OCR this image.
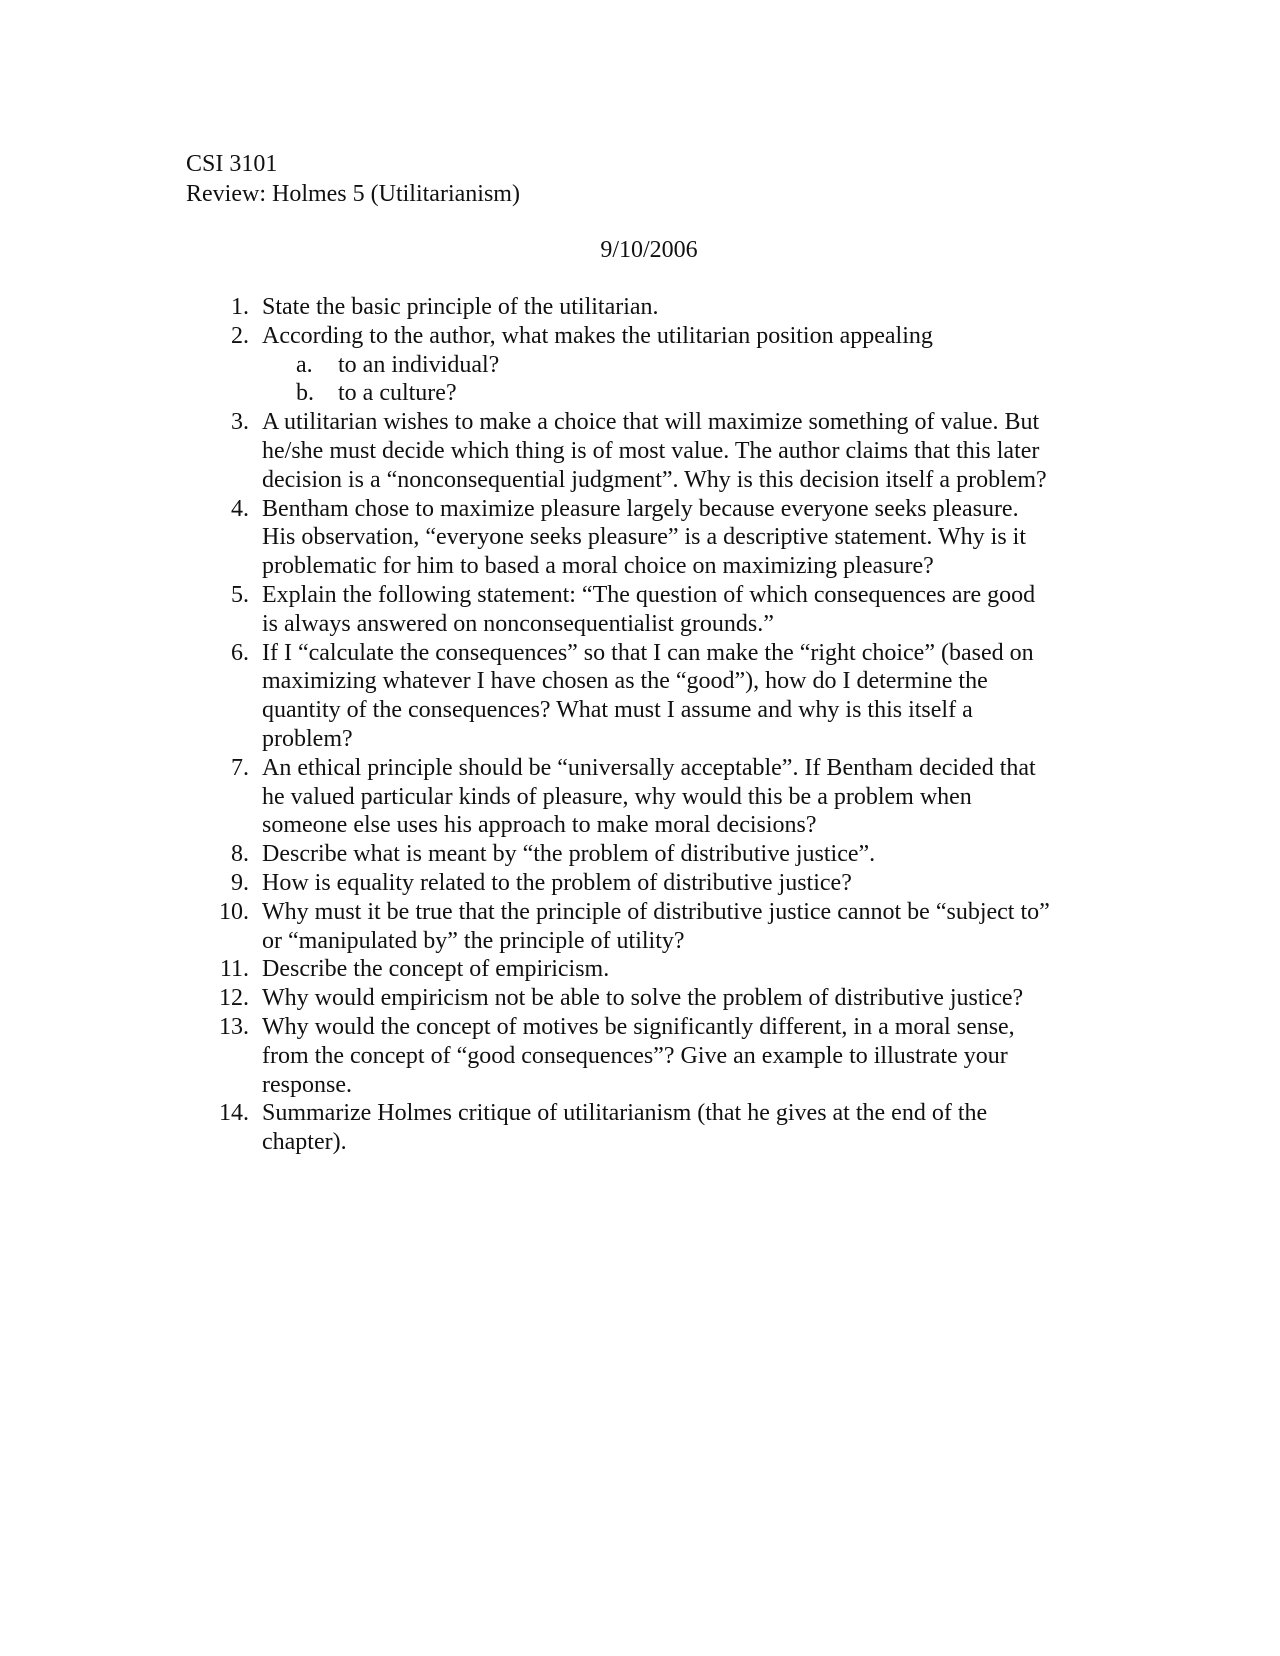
CSI 3101
Review: Holmes 5 (Utilitarianism)
9/10/2006
1. State the basic principle of the utilitarian.
2. According to the author, what makes the utilitarian position appealing
a.	to an individual?
b. to a culture?
3. A utilitarian wishes to make a choice that will maximize something of value. But
he/she must decide which thing is of most value. The author claims that this later
decision is a “nonconsequential judgment”. Why is this decision itself a problem?
4. Bentham chose to maximize pleasure largely because everyone seeks pleasure.
His observation, “everyone seeks pleasure” is a descriptive statement. Why is it
problematic for him to based a moral choice on maximizing pleasure?
5. Explain the following statement: “The question of which consequences are good
is always answered on nonconsequentialist grounds.”
6. If I “calculate the consequences” so that I can make the “right choice” (based on
maximizing whatever I have chosen as the “good”), how do I determine the
quantity of the consequences? What must I assume and why is this itself a
problem?
7. An ethical principle should be “universally acceptable”. If Bentham decided that
he valued particular kinds of pleasure, why would this be a problem when
someone else uses his approach to make moral decisions?
8. Describe what is meant by “the problem of distributive justice”.
9. How is equality related to the problem of distributive justice?
10. Why must it be true that the principle of distributive justice cannot be “subject to”
or “manipulated by” the principle of utility?
11. Describe the concept of empiricism.
12. Why would empiricism not be able to solve the problem of distributive justice?
13. Why would the concept of motives be significantly different, in a moral sense,
from the concept of “good consequences”? Give an example to illustrate your
response.
14. Summarize Holmes critique of utilitarianism (that he gives at the end of the
chapter).
